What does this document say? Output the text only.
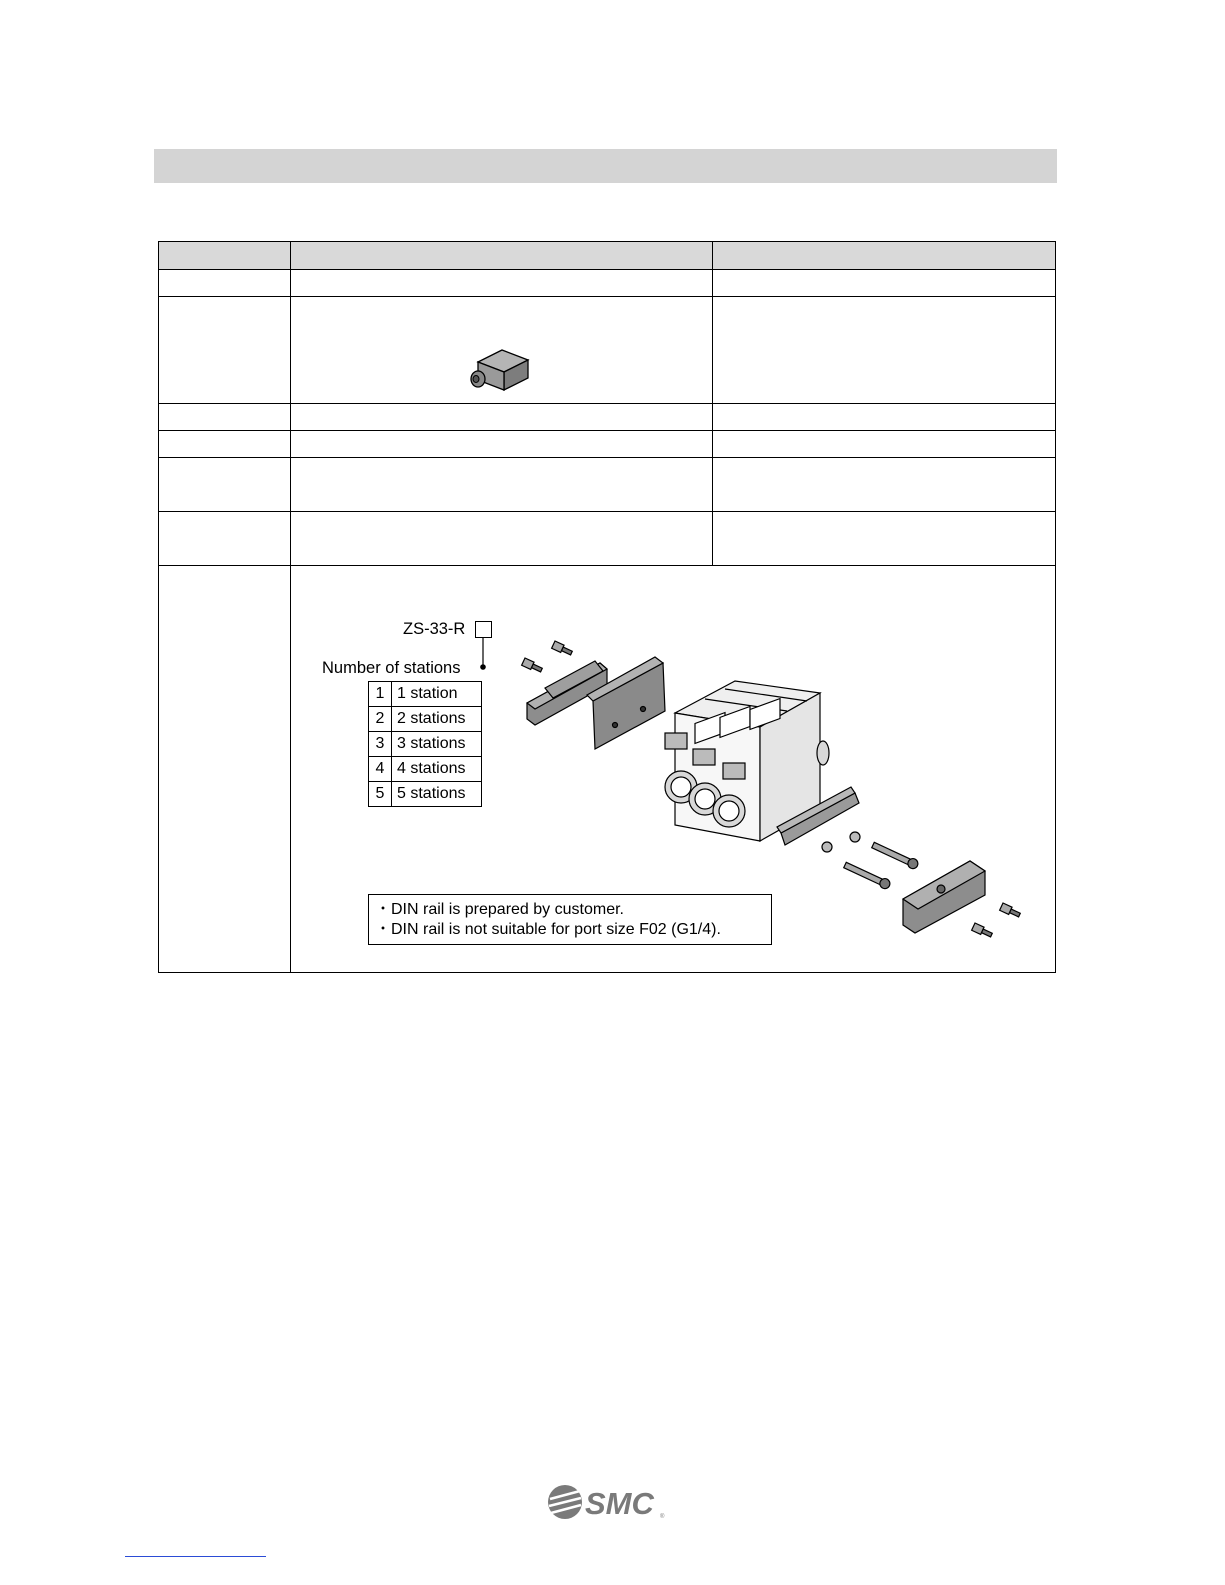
ZS-33-R
Number of stations
1	1 station
2	2 stations
3	3 stations
4	4 stations
5	5 stations
・DIN rail is prepared by customer.
・DIN rail is not suitable for port size F02 (G1/4).
SMC ®
